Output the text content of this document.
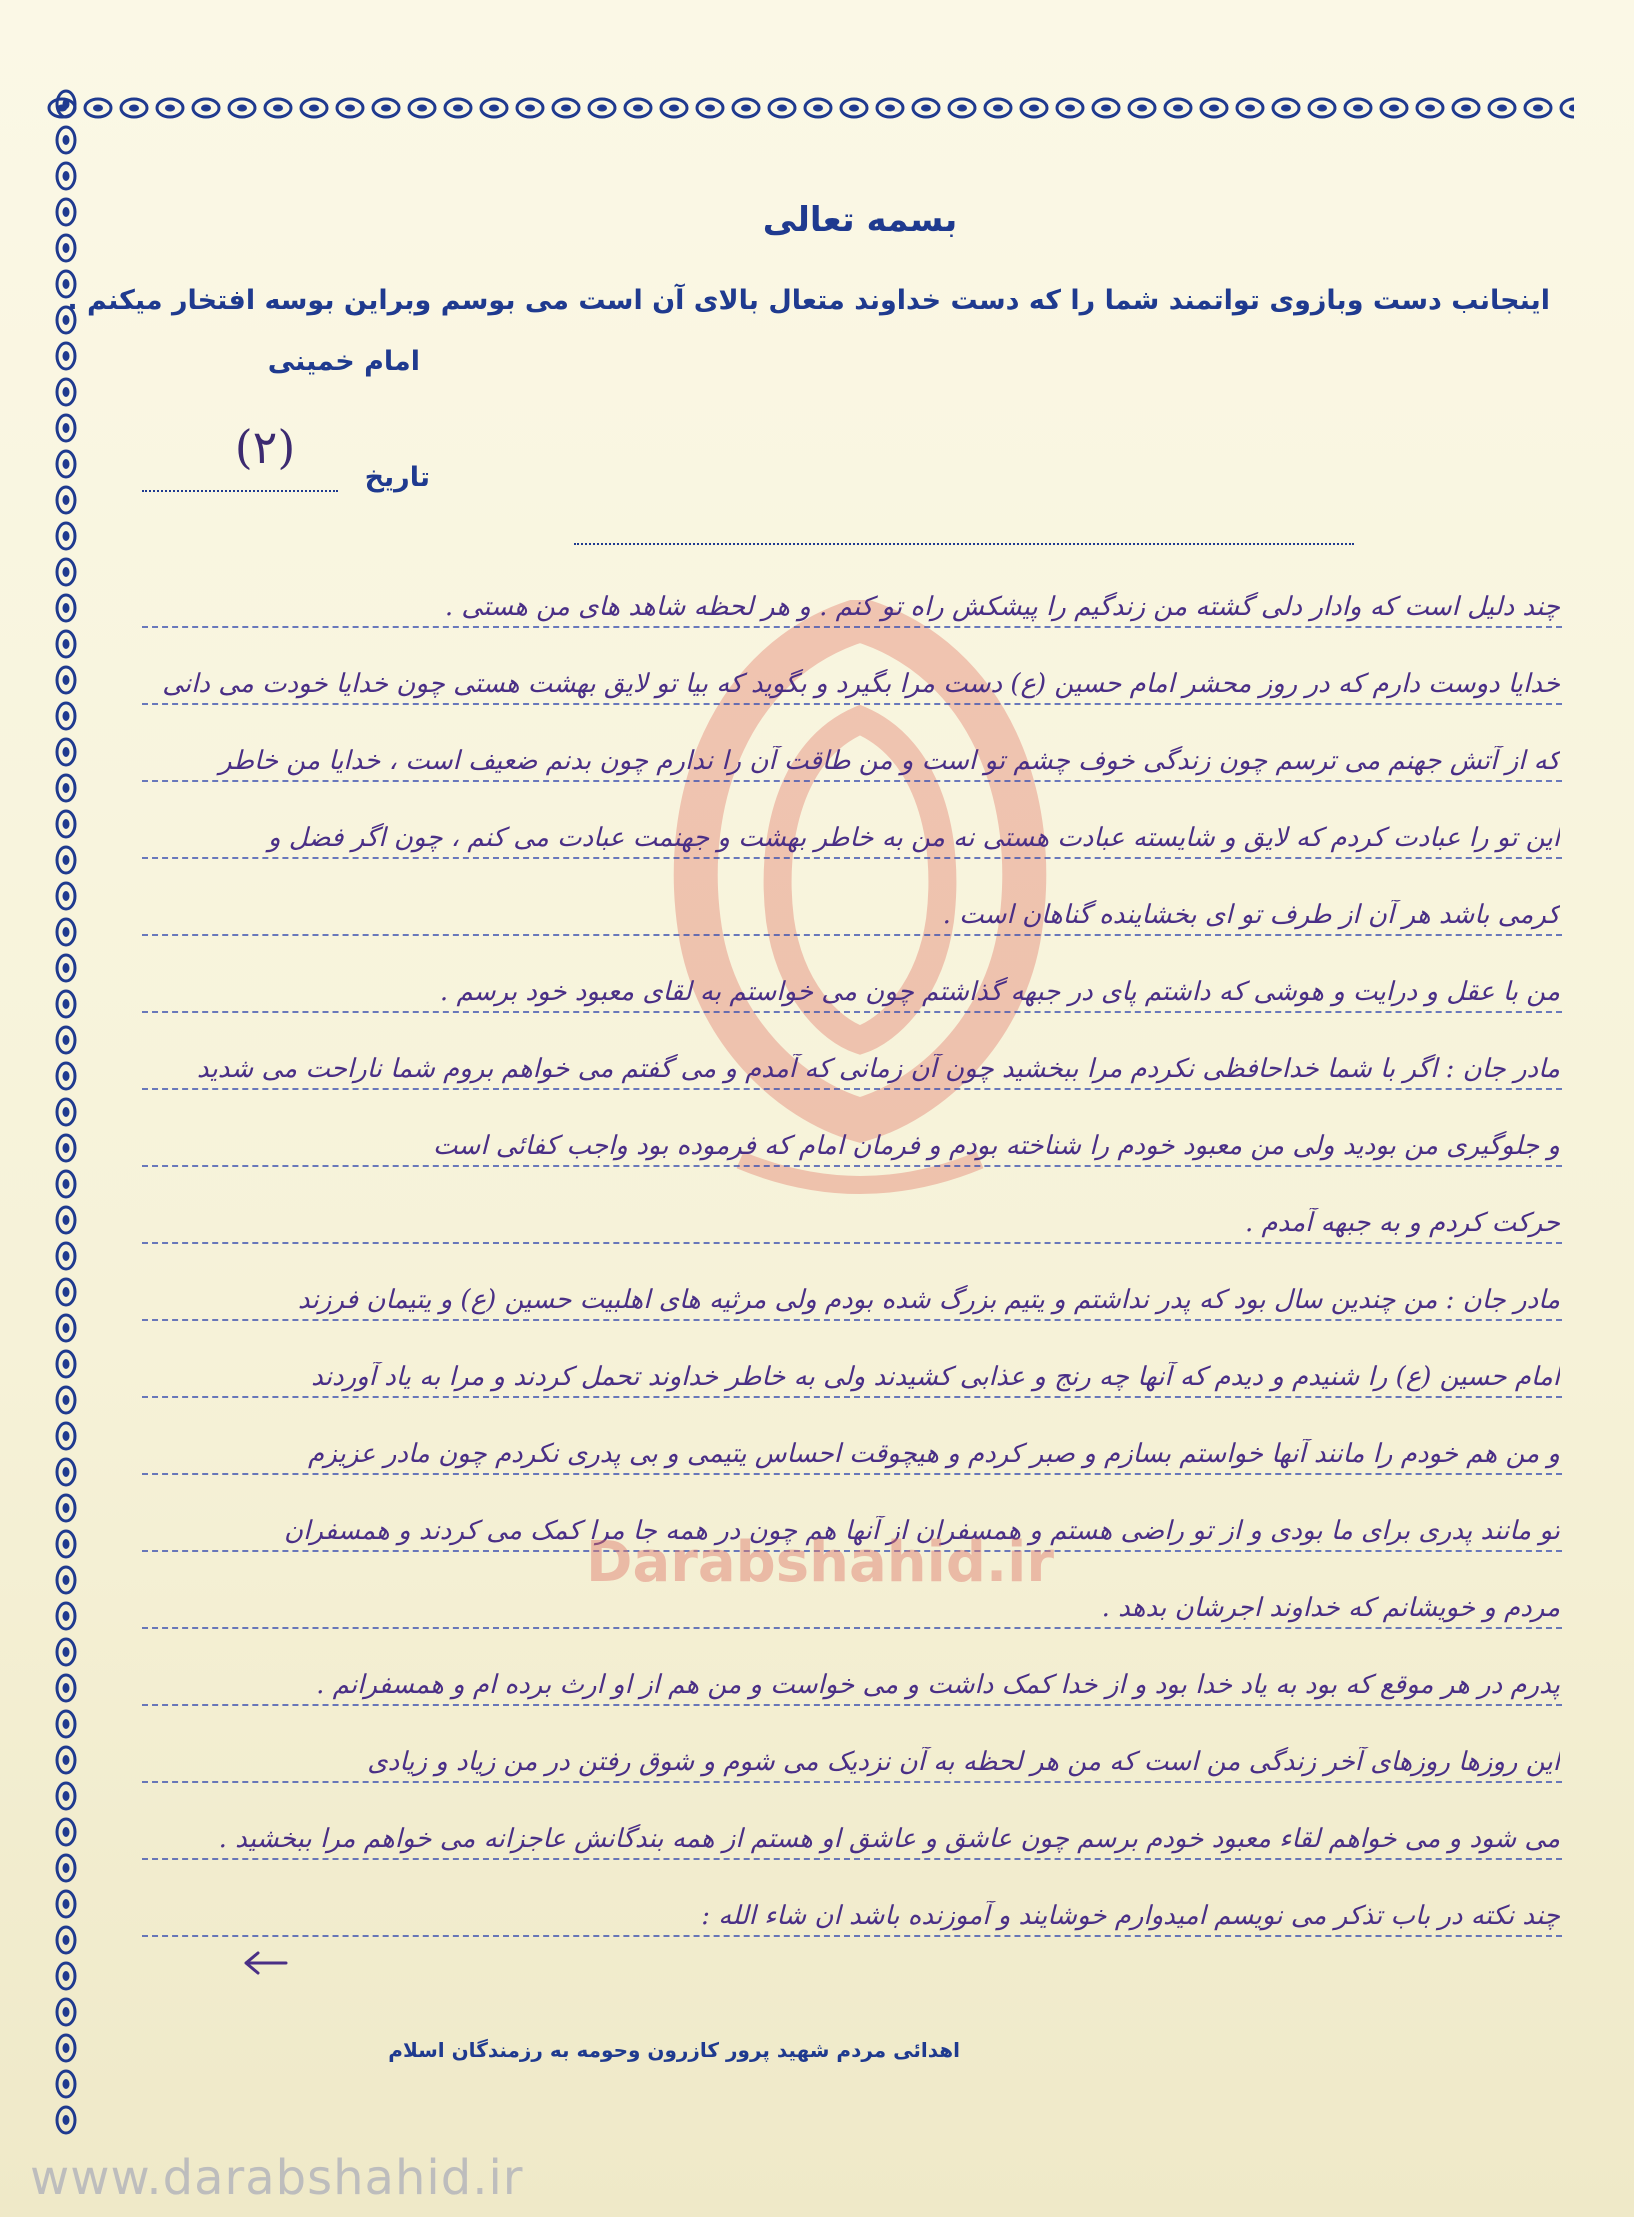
بسمه تعالی
اینجانب دست وبازوی تواتمند شما را که دست خداوند متعال بالای آن است می بوسم وبراین بوسه افتخار میکنم .
امام خمینی
(۲)
تاریخ
چند دلیل است که وادار دلی گشته من زندگیم را پیشکش راه تو کنم . و هر لحظه شاهد های من هستی .
خدایا دوست دارم که در روز محشر امام حسین (ع) دست مرا بگیرد و بگوید که بیا تو لایق بهشت هستی چون خدایا خودت می دانی
که از آتش جهنم می ترسم چون زندگی خوف چشم تو است و من طاقت آن را ندارم چون بدنم ضعیف است ، خدایا من خاطر
این تو را عبادت کردم که لایق و شایسته عبادت هستی نه من به خاطر بهشت و جهنمت عبادت می کنم ، چون اگر فضل و
کرمی باشد هر آن از طرف تو ای بخشاینده گناهان است .
من با عقل و درایت و هوشی که داشتم پای در جبهه گذاشتم چون می خواستم به لقای معبود خود برسم .
مادر جان : اگر با شما خداحافظی نکردم مرا ببخشید چون آن زمانی که آمدم و می گفتم می خواهم بروم شما ناراحت می شدید
و جلوگیری من بودید ولی من معبود خودم را شناخته بودم و فرمان امام که فرموده بود واجب کفائی است
حرکت کردم و به جبهه آمدم .
مادر جان : من چندین سال بود که پدر نداشتم و یتیم بزرگ شده بودم ولی مرثیه های اهلبیت حسین (ع) و یتیمان فرزند
امام حسین (ع) را شنیدم و دیدم که آنها چه رنج و عذابی کشیدند ولی به خاطر خداوند تحمل کردند و مرا به یاد آوردند
و من هم خودم را مانند آنها خواستم بسازم و صبر کردم و هیچوقت احساس یتیمی و بی پدری نکردم چون مادر عزیزم
تو مانند پدری برای ما بودی و از تو راضی هستم و همسفران از آنها هم چون در همه جا مرا کمک می کردند و همسفران
مردم و خویشانم که خداوند اجرشان بدهد .
پدرم در هر موقع که بود به یاد خدا بود و از خدا کمک داشت و می خواست و من هم از او ارث برده ام و همسفرانم .
این روزها روزهای آخر زندگی من است که من هر لحظه به آن نزدیک می شوم و شوق رفتن در من زیاد و زیادی
می شود و می خواهم لقاء معبود خودم برسم چون عاشق و عاشق او هستم از همه بندگانش عاجزانه می خواهم مرا ببخشید .
چند نکته در باب تذکر می نویسم امیدوارم خوشایند و آموزنده باشد ان شاء الله :
Darabshahid.ir
اهدائی مردم شهید پرور کازرون وحومه به رزمندگان اسلام
www.darabshahid.ir
